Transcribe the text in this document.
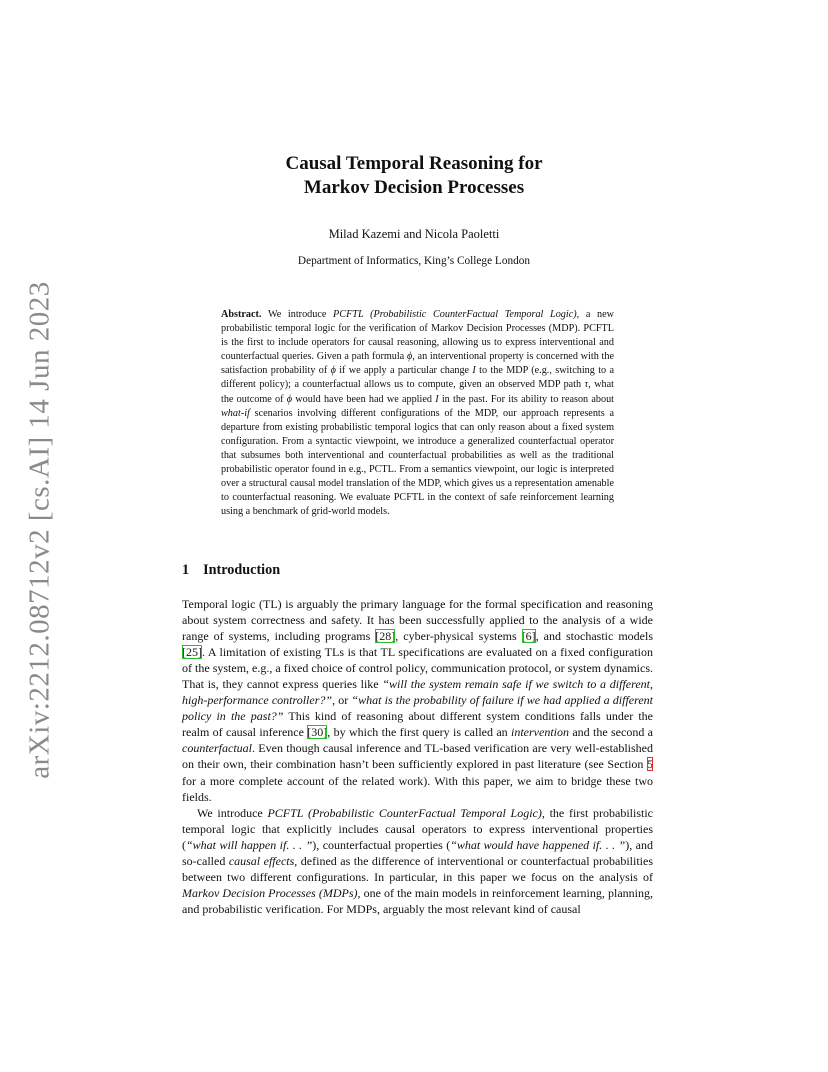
arXiv:2212.08712v2 [cs.AI] 14 Jun 2023
Causal Temporal Reasoning for
Markov Decision Processes
Milad Kazemi and Nicola Paoletti
Department of Informatics, King’s College London
Abstract. We introduce PCFTL (Probabilistic CounterFactual Temporal Logic), a new probabilistic temporal logic for the verification of Markov Decision Processes (MDP). PCFTL is the first to include operators for causal reasoning, allowing us to express interventional and counterfactual queries. Given a path formula ϕ, an interventional property is concerned with the satisfaction probability of ϕ if we apply a particular change I to the MDP (e.g., switching to a different policy); a counterfactual allows us to compute, given an observed MDP path τ, what the outcome of ϕ would have been had we applied I in the past. For its ability to reason about what-if scenarios involving different configurations of the MDP, our approach represents a departure from existing probabilistic temporal logics that can only reason about a fixed system configuration. From a syntactic viewpoint, we introduce a generalized counterfactual operator that subsumes both interventional and counterfactual probabilities as well as the traditional probabilistic operator found in e.g., PCTL. From a semantics viewpoint, our logic is interpreted over a structural causal model translation of the MDP, which gives us a representation amenable to counterfactual reasoning. We evaluate PCFTL in the context of safe reinforcement learning using a benchmark of grid-world models.
1 Introduction

Temporal logic (TL) is arguably the primary language for the formal specification and reasoning about system correctness and safety. It has been successfully applied to the analysis of a wide range of systems, including programs [28], cyber-physical systems [6], and stochastic models [25]. A limitation of existing TLs is that TL specifications are evaluated on a fixed configuration of the system, e.g., a fixed choice of control policy, communication protocol, or system dynamics. That is, they cannot express queries like “will the system remain safe if we switch to a different, high-performance controller?”, or “what is the probability of failure if we had applied a different policy in the past?” This kind of reasoning about different system conditions falls under the realm of causal inference [30], by which the first query is called an intervention and the second a counterfactual. Even though causal inference and TL-based verification are very well-established on their own, their combination hasn’t been sufficiently explored in past literature (see Section 5 for a more complete account of the related work). With this paper, we aim to bridge these two fields.

We introduce PCFTL (Probabilistic CounterFactual Temporal Logic), the first probabilistic temporal logic that explicitly includes causal operators to express interventional properties (“what will happen if. . . ”), counterfactual properties (“what would have happened if. . . ”), and so-called causal effects, defined as the difference of interventional or counterfactual probabilities between two different configurations. In particular, in this paper we focus on the analysis of Markov Decision Processes (MDPs), one of the main models in reinforcement learning, planning, and probabilistic verification. For MDPs, arguably the most relevant kind of causal
